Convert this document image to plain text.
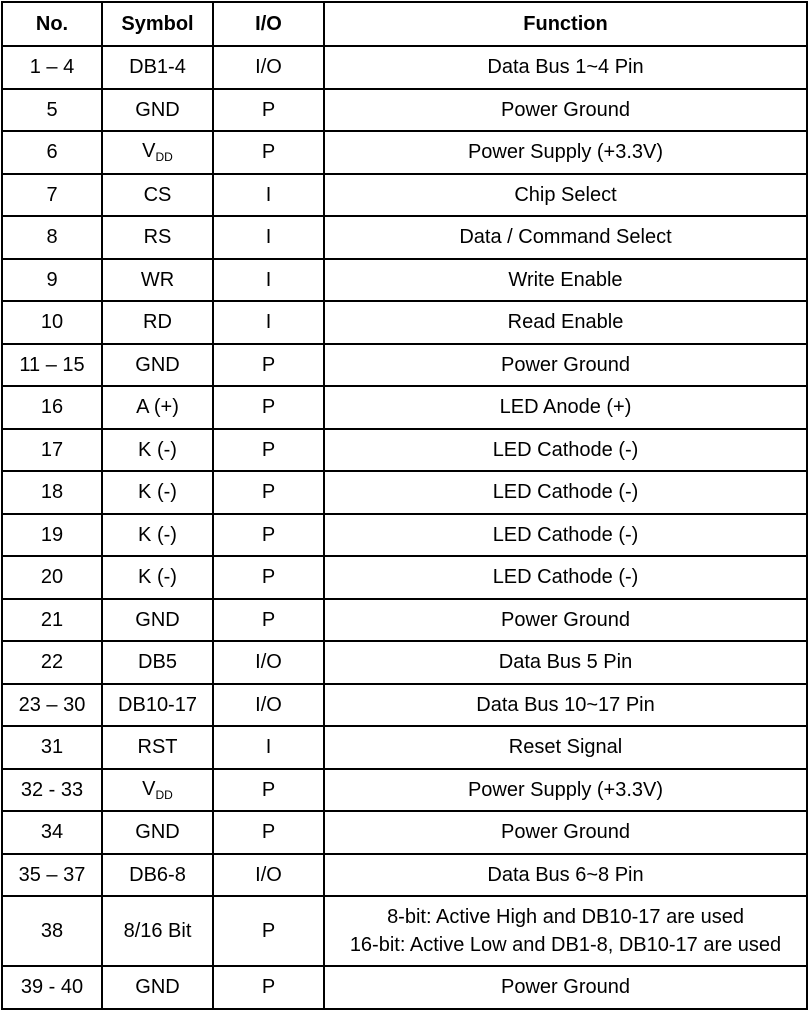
No.	Symbol	I/O	Function
1 – 4	DB1-4	I/O	Data Bus 1~4 Pin
5	GND	P	Power Ground
6	$V_{DD}$	P	Power Supply (+3.3V)
7	CS	I	Chip Select
8	RS	I	Data / Command Select
9	WR	I	Write Enable
10	RD	I	Read Enable
11 – 15	GND	P	Power Ground
16	A (+)	P	LED Anode (+)
17	K (-)	P	LED Cathode (-)
18	K (-)	P	LED Cathode (-)
19	K (-)	P	LED Cathode (-)
20	K (-)	P	LED Cathode (-)
21	GND	P	Power Ground
22	DB5	I/O	Data Bus 5 Pin
23 – 30	DB10-17	I/O	Data Bus 10~17 Pin
31	RST	I	Reset Signal
32 - 33	$V_{DD}$	P	Power Supply (+3.3V)
34	GND	P	Power Ground
35 – 37	DB6-8	I/O	Data Bus 6~8 Pin
38	8/16 Bit	P	8-bit: Active High and DB10-17 are used
16-bit: Active Low and DB1-8, DB10-17 are used

39 - 40	GND	P	Power Ground
